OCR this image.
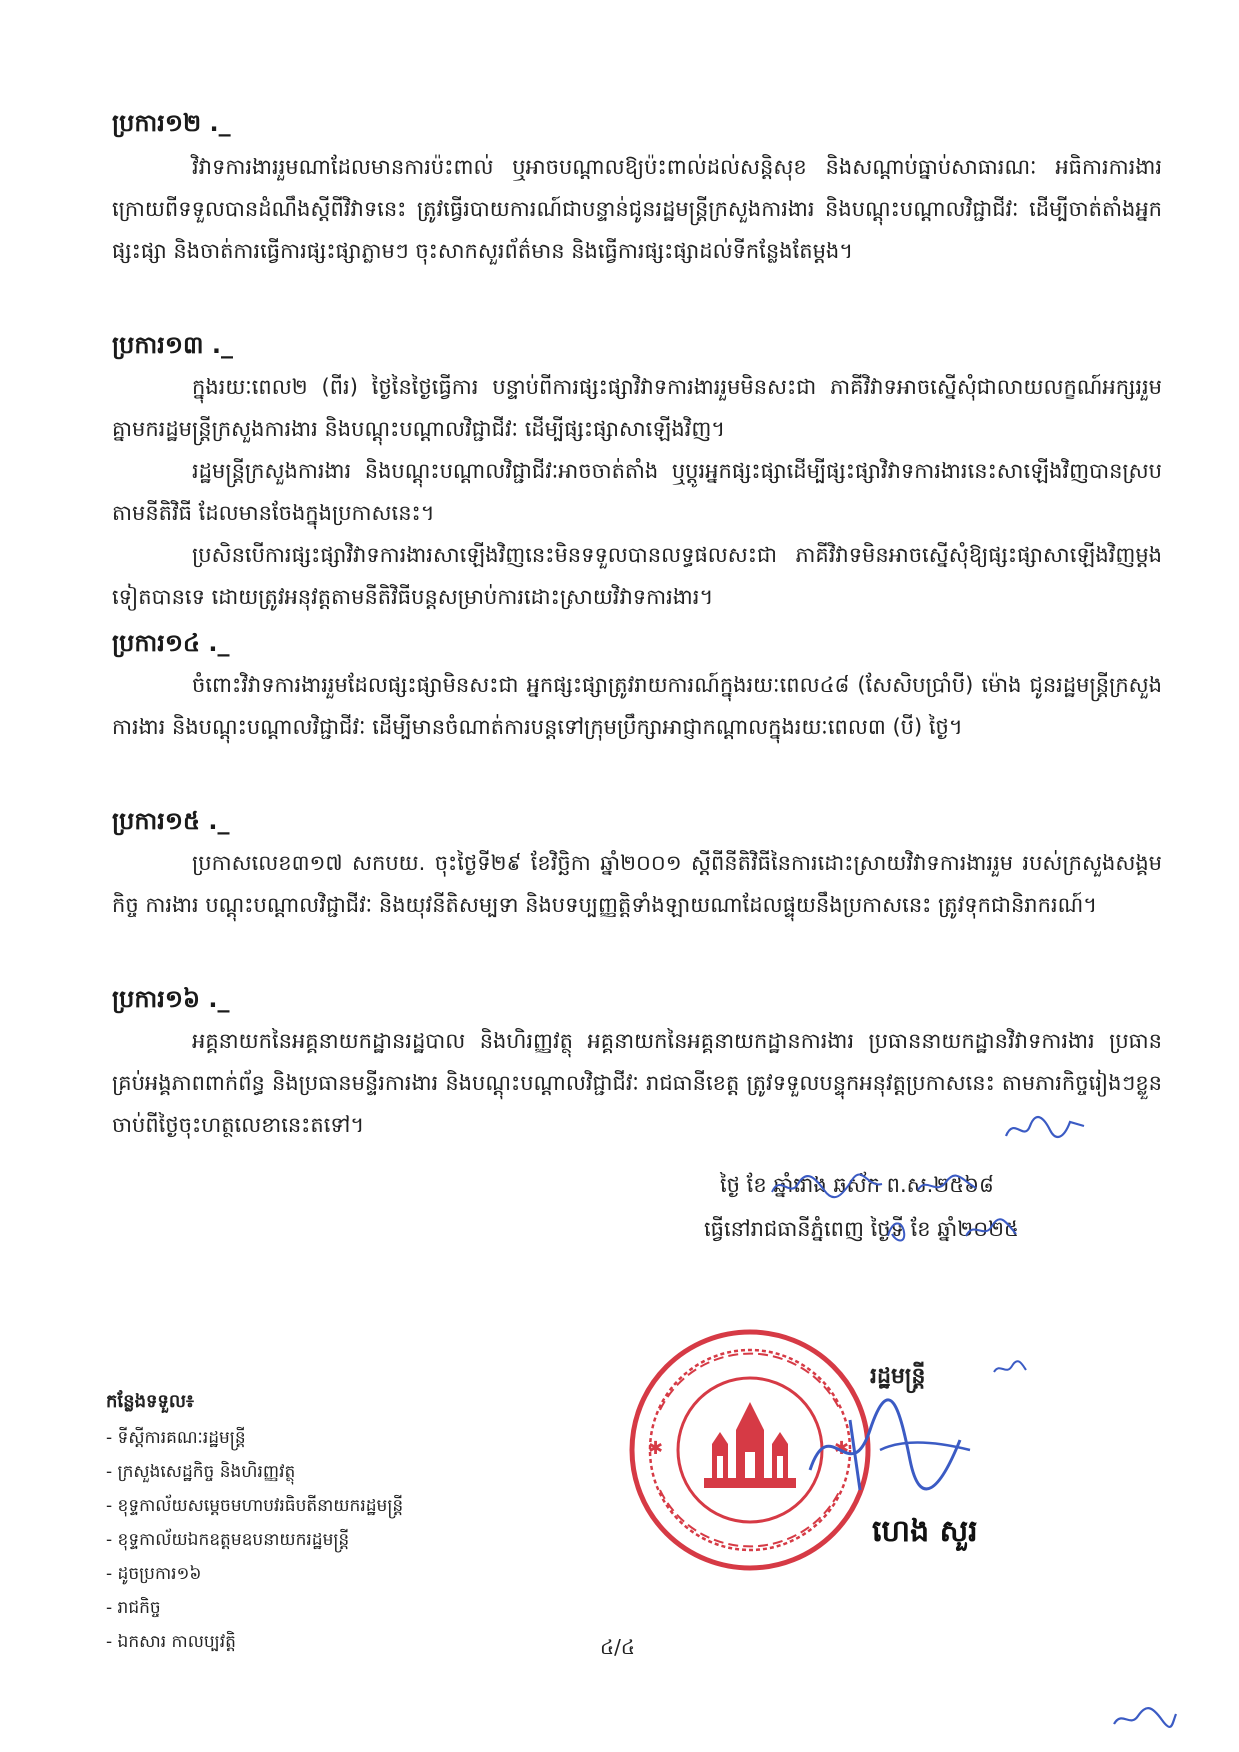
ប្រការ១២ ._

វិវាទការងាររួមណាដែលមានការប៉ះពាល់ ឬអាចបណ្តាលឱ្យប៉ះពាល់ដល់សន្តិសុខ និងសណ្តាប់ធ្នាប់សាធារណៈ អធិការការងារ ក្រោយពីទទួលបានដំណឹងស្តីពីវិវាទនេះ ត្រូវធ្វើរបាយការណ៍ជាបន្ទាន់ជូនរដ្ឋមន្ត្រីក្រសួងការងារ និងបណ្តុះបណ្តាលវិជ្ជាជីវៈ ដើម្បីចាត់តាំងអ្នកផ្សះផ្សា និងចាត់ការធ្វើការផ្សះផ្សាភ្លាមៗ ចុះសាកសួរព័ត៌មាន និងធ្វើការផ្សះផ្សាដល់ទីកន្លែងតែម្តង។

ប្រការ១៣ ._

ក្នុងរយៈពេល២ (ពីរ) ថ្ងៃនៃថ្ងៃធ្វើការ បន្ទាប់ពីការផ្សះផ្សាវិវាទការងាររួមមិនសះជា ភាគីវិវាទអាចស្នើសុំជាលាយលក្ខណ៍អក្សររួមគ្នាមករដ្ឋមន្ត្រីក្រសួងការងារ និងបណ្តុះបណ្តាលវិជ្ជាជីវៈ ដើម្បីផ្សះផ្សាសាឡើងវិញ។

រដ្ឋមន្ត្រីក្រសួងការងារ និងបណ្តុះបណ្តាលវិជ្ជាជីវៈអាចចាត់តាំង ឬប្តូរអ្នកផ្សះផ្សាដើម្បីផ្សះផ្សាវិវាទការងារនេះសាឡើងវិញបានស្របតាមនីតិវិធី ដែលមានចែងក្នុងប្រកាសនេះ។

ប្រសិនបើការផ្សះផ្សាវិវាទការងារសាឡើងវិញនេះមិនទទួលបានលទ្ធផលសះជា ភាគីវិវាទមិនអាចស្នើសុំឱ្យផ្សះផ្សាសាឡើងវិញម្តងទៀតបានទេ ដោយត្រូវអនុវត្តតាមនីតិវិធីបន្តសម្រាប់ការដោះស្រាយវិវាទការងារ។

ប្រការ១៤ ._

ចំពោះវិវាទការងាររួមដែលផ្សះផ្សាមិនសះជា អ្នកផ្សះផ្សាត្រូវរាយការណ៍ក្នុងរយៈពេល៤៨ (សែសិបប្រាំបី) ម៉ោង ជូនរដ្ឋមន្ត្រីក្រសួងការងារ និងបណ្តុះបណ្តាលវិជ្ជាជីវៈ ដើម្បីមានចំណាត់ការបន្តទៅក្រុមប្រឹក្សាអាជ្ញាកណ្តាលក្នុងរយៈពេល៣ (បី) ថ្ងៃ។

ប្រការ១៥ ._

ប្រកាសលេខ៣១៧ សកបយ. ចុះថ្ងៃទី២៩ ខែវិច្ឆិកា ឆ្នាំ២០០១ ស្តីពីនីតិវិធីនៃការដោះស្រាយវិវាទការងាររួម របស់ក្រសួងសង្គមកិច្ច ការងារ បណ្តុះបណ្តាលវិជ្ជាជីវៈ និងយុវនីតិសម្បទា និងបទប្បញ្ញត្តិទាំងឡាយណាដែលផ្ទុយនឹងប្រកាសនេះ ត្រូវទុកជានិរាករណ៍។

ប្រការ១៦ ._

អគ្គនាយកនៃអគ្គនាយកដ្ឋានរដ្ឋបាល និងហិរញ្ញវត្ថុ អគ្គនាយកនៃអគ្គនាយកដ្ឋានការងារ ប្រធាននាយកដ្ឋានវិវាទការងារ ប្រធានគ្រប់អង្គភាពពាក់ព័ន្ធ និងប្រធានមន្ទីរការងារ និងបណ្តុះបណ្តាលវិជ្ជាជីវៈ រាជធានីខេត្ត ត្រូវទទួលបន្ទុកអនុវត្តប្រកាសនេះ តាមភារកិច្ចរៀងៗខ្លួន ចាប់ពីថ្ងៃចុះហត្ថលេខានេះតទៅ។

ថ្ងៃ ខែ ឆ្នាំរោង ឆស័ក ព.ស.២៥៦៨
ធ្វើនៅរាជធានីភ្នំពេញ ថ្ងៃទី ខែ ឆ្នាំ២០២៥
✱	✱
រដ្ឋមន្ត្រី
ហេង សួរ
កន្លែងទទួល៖
- ទីស្តីការគណៈរដ្ឋមន្ត្រី
- ក្រសួងសេដ្ឋកិច្ច និងហិរញ្ញវត្ថុ
- ខុទ្ទកាល័យសម្តេចមហាបវរធិបតីនាយករដ្ឋមន្ត្រី
- ខុទ្ទកាល័យឯកឧត្តមឧបនាយករដ្ឋមន្ត្រី
- ដូចប្រការ១៦
- រាជកិច្ច
- ឯកសារ កាលប្បវត្តិ	៤/៤
